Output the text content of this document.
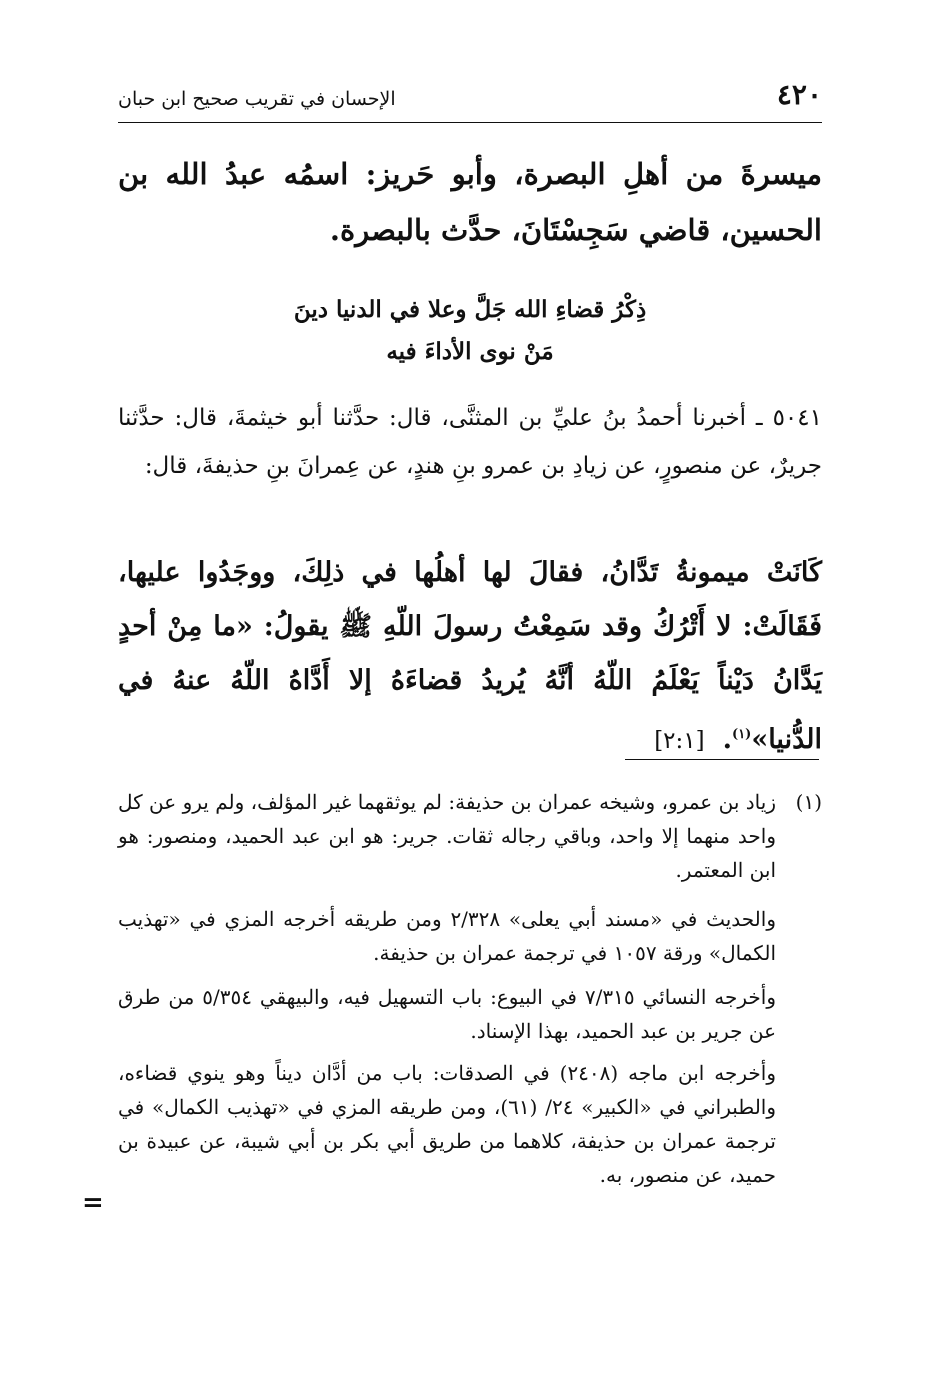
٤٢٠
الإحسان في تقريب صحيح ابن حبان
ميسرةَ من أهلِ البصرة، وأبو حَريز: اسمُه عبدُ الله بن الحسين، قاضي سَجِسْتَانَ، حدَّث بالبصرة.
ذِكْرُ قضاءِ الله جَلَّ وعلا في الدنيا دينَ
مَنْ نوى الأداءَ فيه
٥٠٤١ ـ أخبرنا أحمدُ بنُ عليِّ بن المثنَّى، قال: حدَّثنا أبو خيثمةَ، قال: حدَّثنا جريرٌ، عن منصورٍ، عن زيادِ بن عمرو بنِ هندٍ، عن عِمرانَ بنِ حذيفةَ، قال:
كَانَتْ ميمونةُ تَدَّانُ، فقالَ لها أهلُها في ذلِكَ، ووجَدُوا عليها، فَقَالَتْ: لا أَتْرُكُ وقد سَمِعْتُ رسولَ اللّهِ ﷺ يقولُ: «ما مِنْ أحدٍ يَدَّانُ دَيْناً يَعْلَمُ اللّهُ أنَّهُ يُريدُ قضاءَهُ إلا أَدَّاهُ اللّهُ عنهُ في الدُّنيا»$^{(١)}$.[٢:١]
(١)
زياد بن عمرو، وشيخه عمران بن حذيفة: لم يوثقهما غير المؤلف، ولم يرو عن كل واحد منهما إلا واحد، وباقي رجاله ثقات. جرير: هو ابن عبد الحميد، ومنصور: هو ابن المعتمر.
والحديث في «مسند أبي يعلى» ٢/٣٢٨ ومن طريقه أخرجه المزي في «تهذيب الكمال» ورقة ١٠٥٧ في ترجمة عمران بن حذيفة.
وأخرجه النسائي ٧/٣١٥ في البيوع: باب التسهيل فيه، والبيهقي ٥/٣٥٤ من طرق عن جرير بن عبد الحميد، بهذا الإسناد.
وأخرجه ابن ماجه (٢٤٠٨) في الصدقات: باب من أدَّان ديناً وهو ينوي قضاءه، والطبراني في «الكبير» ٢٤/ (٦١)، ومن طريقه المزي في «تهذيب الكمال» في ترجمة عمران بن حذيفة، كلاهما من طريق أبي بكر بن أبي شيبة، عن عبيدة بن حميد، عن منصور، به.
=
